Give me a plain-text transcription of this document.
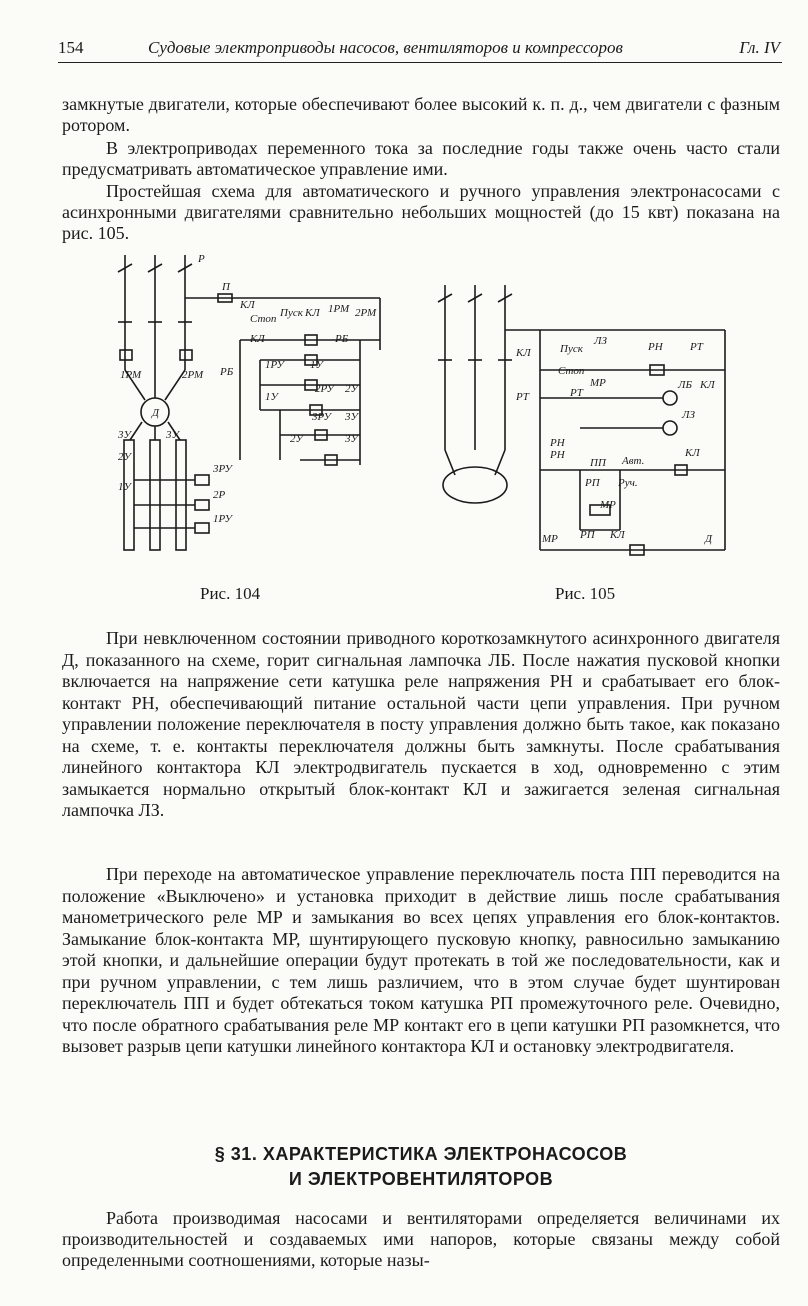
154	Судовые электроприводы насосов, вентиляторов и компрессоров	Гл. IV

замкнутые двигатели, которые обеспечивают более высокий к. п. д., чем двигатели с фазным ротором.

В электроприводах переменного тока за последние годы также очень часто стали предусматривать автоматическое управление ими.

Простейшая схема для автоматического и ручного управления электронасосами с асинхронными двигателями сравнительно небольших мощностей (до 15 квт) показана на рис. 105.

Р
П
КЛ
Стоп Пуск КЛ 1РМ 2РМ
КЛ	РБ
РБ
1РУ 1У
1У
2РУ 2У
3РУ 3У
2У	3У
1РМ	2РМ
Д
3У	3У
2У
1У
3РУ
2Р
1РУ
КЛ
РТ	РТ
Пуск
ЛЗ
Стоп
РН
МР
РН
РТ
ЛБ КЛ
ЛЗ
РН
ПП Авт.
КЛ
РП Руч.
МР
МР РП КЛ	Д
Рис. 104	Рис. 105

При невключенном состоянии приводного короткозамкнутого асинхронного двигателя Д, показанного на схеме, горит сигнальная лампочка ЛБ. После нажатия пусковой кнопки включается на напряжение сети катушка реле напряжения РН и срабатывает его блок-контакт РН, обеспечивающий питание остальной части цепи управления. При ручном управлении положение переключателя в посту управления должно быть такое, как показано на схеме, т. е. контакты переключателя должны быть замкнуты. После срабатывания линейного контактора КЛ электродвигатель пускается в ход, одновременно с этим замыкается нормально открытый блок-контакт КЛ и зажигается зеленая сигнальная лампочка ЛЗ.

При переходе на автоматическое управление переключатель поста ПП переводится на положение «Выключено» и установка приходит в действие лишь после срабатывания манометрического реле МР и замыкания во всех цепях управления его блок-контактов. Замыкание блок-контакта МР, шунтирующего пусковую кнопку, равносильно замыканию этой кнопки, и дальнейшие операции будут протекать в той же последовательности, как и при ручном управлении, с тем лишь различием, что в этом случае будет шунтирован переключатель ПП и будет обтекаться током катушка РП промежуточного реле. Очевидно, что после обратного срабатывания реле МР контакт его в цепи катушки РП разомкнется, что вызовет разрыв цепи катушки линейного контактора КЛ и остановку электродвигателя.

§ 31. ХАРАКТЕРИСТИКА ЭЛЕКТРОНАСОСОВ
И ЭЛЕКТРОВЕНТИЛЯТОРОВ

Работа производимая насосами и вентиляторами определяется величинами их производительностей и создаваемых ими напоров, которые связаны между собой определенными соотношениями, которые назы-
